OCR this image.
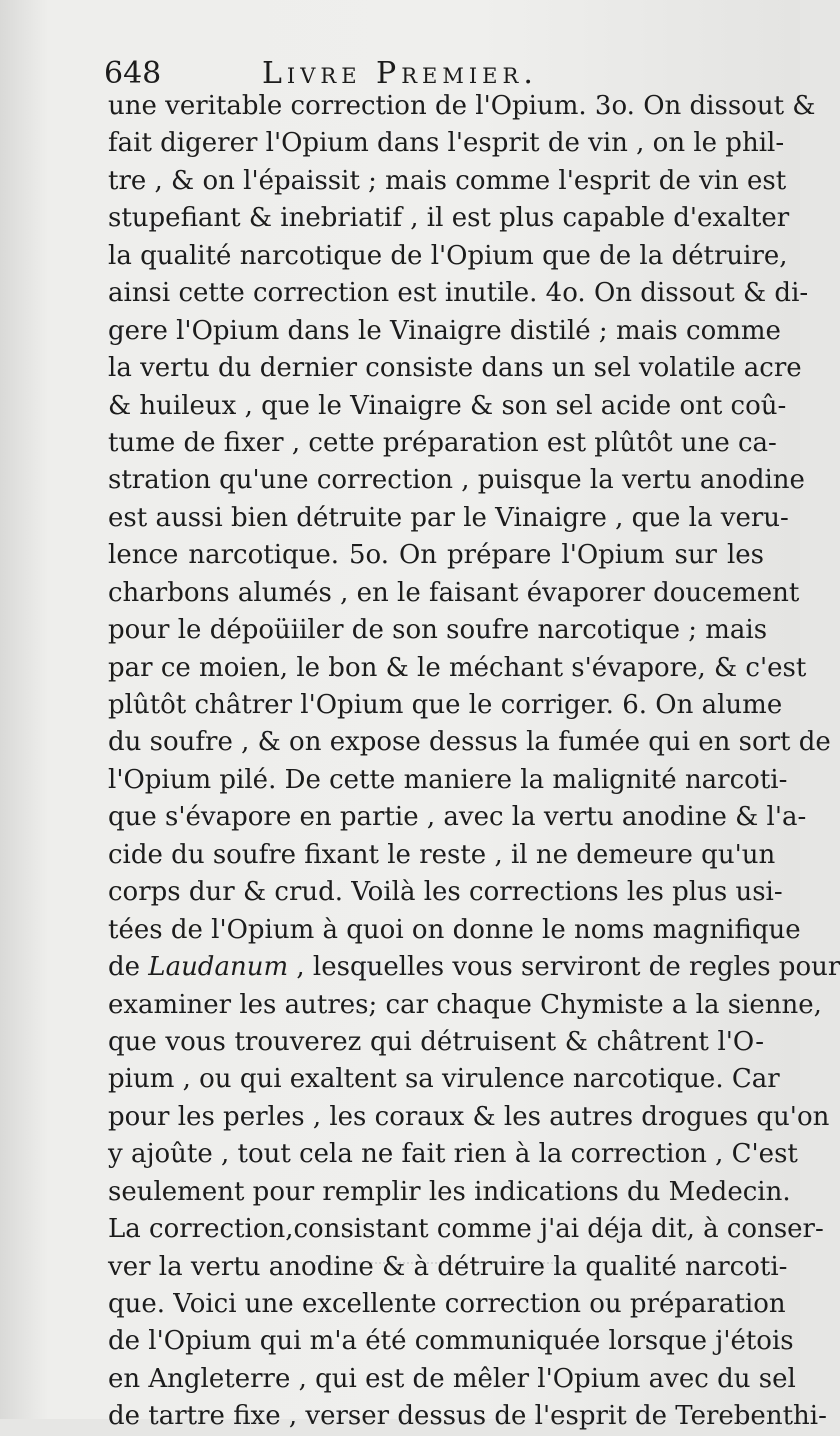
648	Livre Premier.
une veritable correction de l'Opium. 3o. On dissout &
fait digerer l'Opium dans l'esprit de vin , on le phil-
tre , & on l'épaissit ; mais comme l'esprit de vin est
stupefiant & inebriatif , il est plus capable d'exalter
la qualité narcotique de l'Opium que de la détruire,
ainsi cette correction est inutile. 4o. On dissout & di-
gere l'Opium dans le Vinaigre distilé ; mais comme
la vertu du dernier consiste dans un sel volatile acre
& huileux , que le Vinaigre & son sel acide ont coû-
tume de fixer , cette préparation est plûtôt une ca-
stration qu'une correction , puisque la vertu anodine
est aussi bien détruite par le Vinaigre , que la veru-
lence narcotique. 5o. On prépare l'Opium sur les
charbons alumés , en le faisant évaporer doucement
pour le dépoüiiler de son soufre narcotique ; mais
par ce moien, le bon & le méchant s'évapore, & c'est
plûtôt châtrer l'Opium que le corriger. 6. On alume
du soufre , & on expose dessus la fumée qui en sort de
l'Opium pilé. De cette maniere la malignité narcoti-
que s'évapore en partie , avec la vertu anodine & l'a-
cide du soufre fixant le reste , il ne demeure qu'un
corps dur & crud. Voilà les corrections les plus usi-
tées de l'Opium à quoi on donne le noms magnifique
de Laudanum , lesquelles vous serviront de regles pour
examiner les autres; car chaque Chymiste a la sienne,
que vous trouverez qui détruisent & châtrent l'O-
pium , ou qui exaltent sa virulence narcotique. Car
pour les perles , les coraux & les autres drogues qu'on
y ajoûte , tout cela ne fait rien à la correction , C'est
seulement pour remplir les indications du Medecin.
La correction,consistant comme j'ai déja dit, à conser-
ver la vertu anodine & à détruire la qualité narcoti-
que. Voici une excellente correction ou préparation
de l'Opium qui m'a été communiquée lorsque j'étois
en Angleterre , qui est de mêler l'Opium avec du sel
de tartre fixe , verser dessus de l'esprit de Terebenthi-
